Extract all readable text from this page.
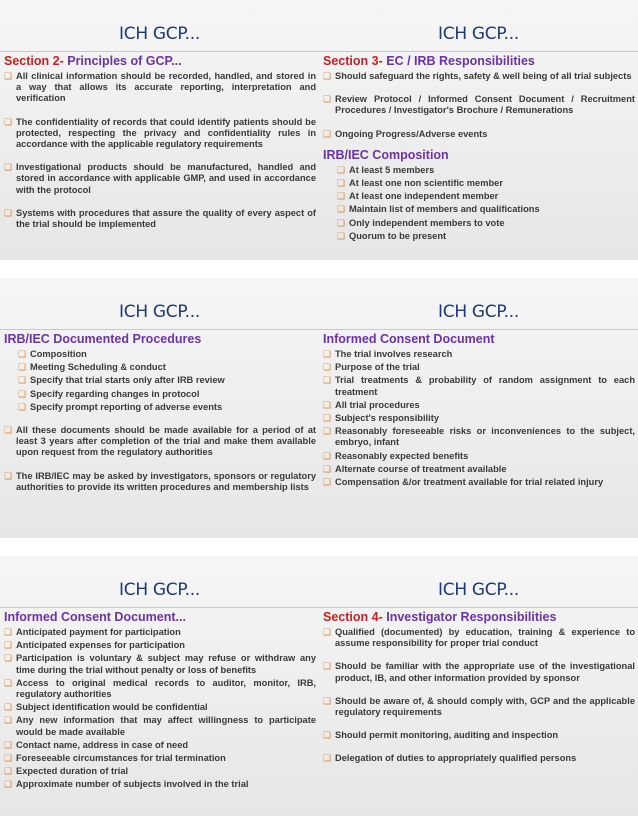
ICH GCP...
Section 2- Principles of GCP...
❑ All clinical information should be recorded, handled, and stored in a way that allows its accurate reporting, interpretation and verification
❑ The confidentiality of records that could identify patients should be protected, respecting the privacy and confidentiality rules in accordance with the applicable regulatory requirements
❑ Investigational products should be manufactured, handled and stored in accordance with applicable GMP, and used in accordance with the protocol
❑ Systems with procedures that assure the quality of every aspect of the trial should be implemented
ICH GCP...
Section 3- EC / IRB Responsibilities
❑ Should safeguard the rights, safety & well being of all trial subjects
❑ Review Protocol / Informed Consent Document / Recruitment Procedures / Investigator's Brochure / Remunerations
❑ Ongoing Progress/Adverse events
IRB/IEC Composition
❑ At least 5 members
❑ At least one non scientific member
❑ At least one independent member
❑ Maintain list of members and qualifications
❑ Only independent members to vote
❑ Quorum to be present
ICH GCP...
IRB/IEC Documented Procedures
❑ Composition
❑ Meeting Scheduling & conduct
❑ Specify that trial starts only after IRB review
❑ Specify regarding changes in protocol
❑ Specify prompt reporting of adverse events
❑ All these documents should be made available for a period of at least 3 years after completion of the trial and make them available upon request from the regulatory authorities
❑ The IRB/IEC may be asked by investigators, sponsors or regulatory authorities to provide its written procedures and membership lists
ICH GCP...
Informed Consent Document
❑ The trial involves research
❑ Purpose of the trial
❑ Trial treatments & probability of random assignment to each treatment
❑ All trial procedures
❑ Subject's responsibility
❑ Reasonably foreseeable risks or inconveniences to the subject, embryo, infant
❑ Reasonably expected benefits
❑ Alternate course of treatment available
❑ Compensation &/or treatment available for trial related injury
ICH GCP...
Informed Consent Document...
❑ Anticipated payment for participation
❑ Anticipated expenses for participation
❑ Participation is voluntary & subject may refuse or withdraw any time during the trial without penalty or loss of benefits
❑ Access to original medical records to auditor, monitor, IRB, regulatory authorities
❑ Subject identification would be confidential
❑ Any new information that may affect willingness to participate would be made available
❑ Contact name, address in case of need
❑ Foreseeable circumstances for trial termination
❑ Expected duration of trial
❑ Approximate number of subjects involved in the trial
ICH GCP...
Section 4- Investigator Responsibilities
❑ Qualified (documented) by education, training & experience to assume responsibility for proper trial conduct
❑ Should be familiar with the appropriate use of the investigational product, IB, and other information provided by sponsor
❑ Should be aware of, & should comply with, GCP and the applicable regulatory requirements
❑ Should permit monitoring, auditing and inspection
❑ Delegation of duties to appropriately qualified persons
